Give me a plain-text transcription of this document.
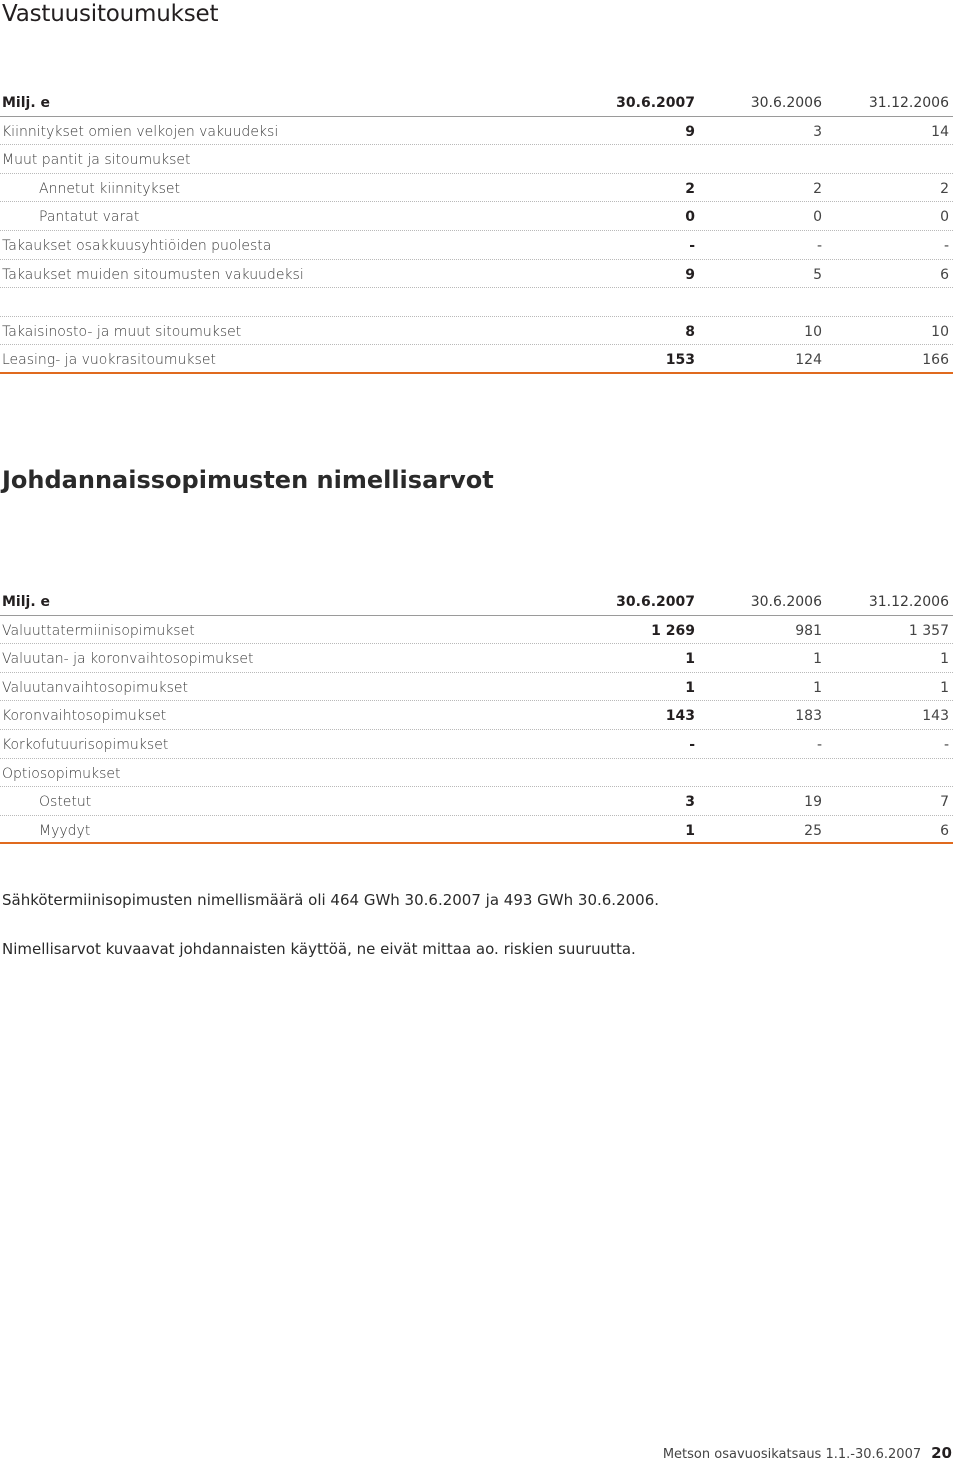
Vastuusitoumukset
Milj. e	30.6.2007	30.6.2006	31.12.2006
Kiinnitykset omien velkojen vakuudeksi	9	3	14
Muut pantit ja sitoumukset
Annetut kiinnitykset	2	2	2
Pantatut varat	0	0	0
Takaukset osakkuusyhtiöiden puolesta	-	-	-
Takaukset muiden sitoumusten vakuudeksi	9	5	6
Takaisinosto- ja muut sitoumukset	8	10	10
Leasing- ja vuokrasitoumukset	153	124	166
Johdannaissopimusten nimellisarvot
Milj. e	30.6.2007	30.6.2006	31.12.2006
Valuuttatermiinisopimukset	1 269	981	1 357
Valuutan- ja koronvaihtosopimukset	1	1	1
Valuutanvaihtosopimukset	1	1	1
Koronvaihtosopimukset	143	183	143
Korkofutuurisopimukset	-	-	-
Optiosopimukset
Ostetut	3	19	7
Myydyt	1	25	6

Sähkötermiinisopimusten nimellismäärä oli 464 GWh 30.6.2007 ja 493 GWh 30.6.2006.

Nimellisarvot kuvaavat johdannaisten käyttöä, ne eivät mittaa ao. riskien suuruutta.

Metson osavuosikatsaus 1.1.-30.6.2007 20
